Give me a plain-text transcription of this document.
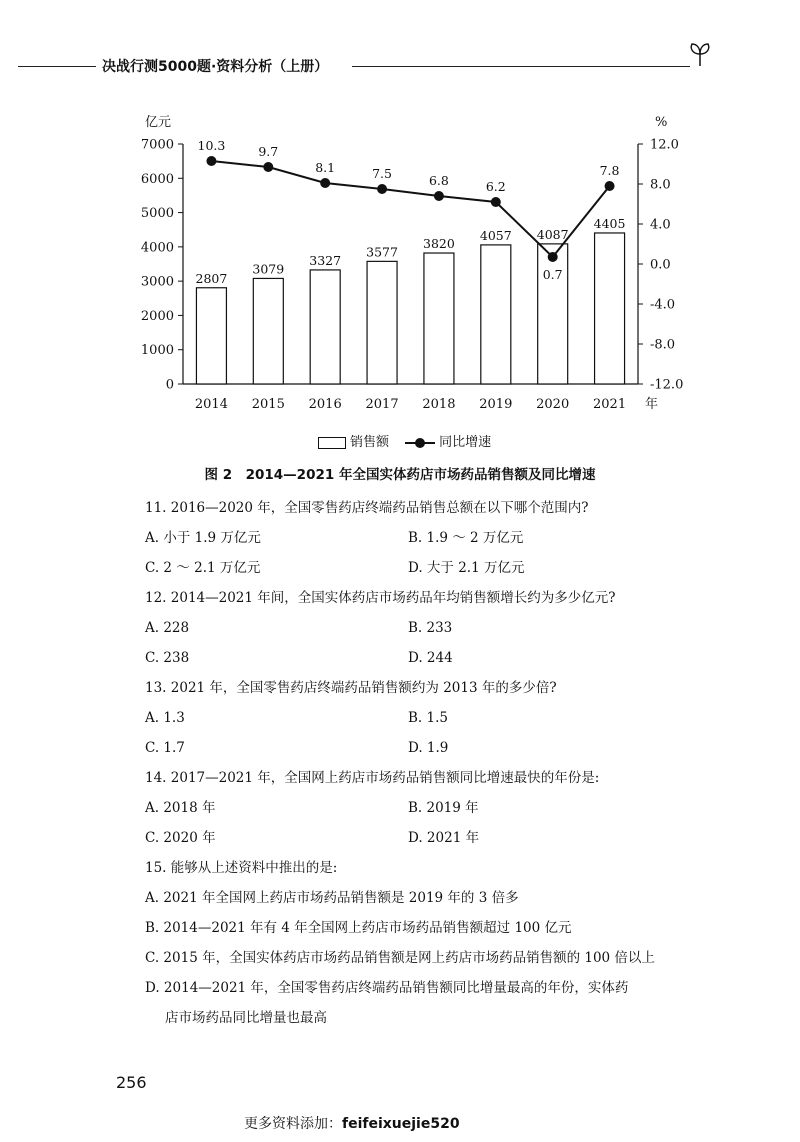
决战行测5000题·资料分析（上册）
亿元	%
0
1000
2000
3000
4000
5000
6000
7000
-12.0
-8.0
-4.0
0.0
4.0
8.0
12.0
2807
3079
3327
3577
3820
4057 4087
4405
2014 2015 2016 2017 2018 2019 2020 2021 年
10.3	9.7
8.1	7.5	6.8	6.2
0.7
7.8
销售额	同比增速
图 2　2014—2021 年全国实体药店市场药品销售额及同比增速
11. 2016—2020 年，全国零售药店终端药品销售总额在以下哪个范围内?
A. 小于 1.9 万亿元	B. 1.9 ～ 2 万亿元
C. 2 ～ 2.1 万亿元	D. 大于 2.1 万亿元
12. 2014—2021 年间，全国实体药店市场药品年均销售额增长约为多少亿元?
A. 228	B. 233
C. 238	D. 244
13. 2021 年，全国零售药店终端药品销售额约为 2013 年的多少倍?
A. 1.3	B. 1.5
C. 1.7	D. 1.9
14. 2017—2021 年，全国网上药店市场药品销售额同比增速最快的年份是:
A. 2018 年	B. 2019 年
C. 2020 年	D. 2021 年
15. 能够从上述资料中推出的是:
A. 2021 年全国网上药店市场药品销售额是 2019 年的 3 倍多
B. 2014—2021 年有 4 年全国网上药店市场药品销售额超过 100 亿元
C. 2015 年，全国实体药店市场药品销售额是网上药店市场药品销售额的 100 倍以上
D. 2014—2021 年，全国零售药店终端药品销售额同比增量最高的年份，实体药
店市场药品同比增量也最高
256
更多资料添加：feifeixuejie520
